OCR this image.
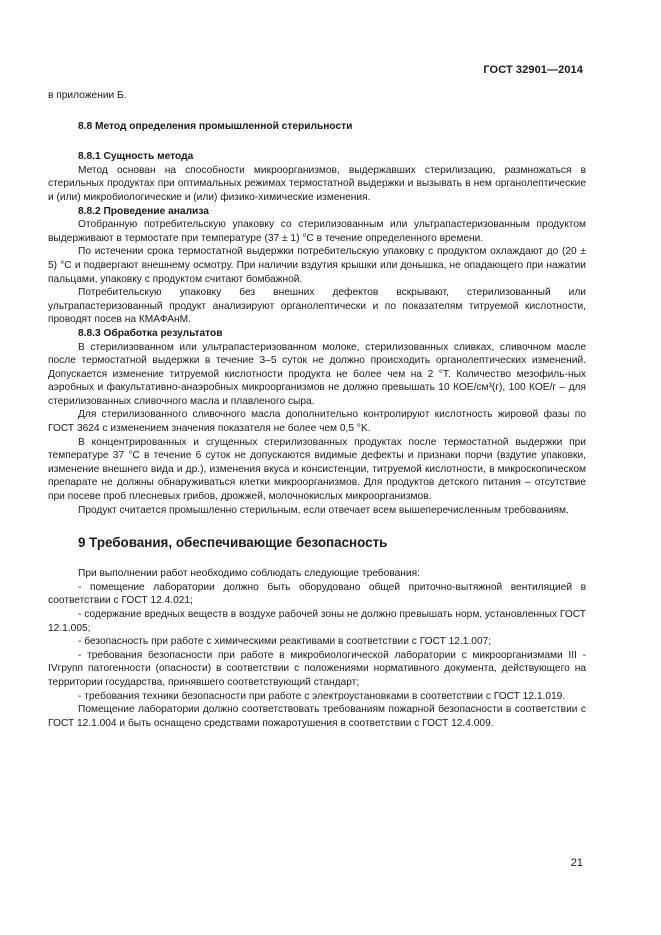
ГОСТ 32901—2014

в приложении Б.

8.8 Метод определения промышленной стерильности

8.8.1 Сущность метода

Метод основан на способности микроорганизмов, выдержавших стерилизацию, размножаться в стерильных продуктах при оптимальных режимах термостатной выдержки и вызывать в нем органолептические и (или) микробиологические и (или) физико-химические изменения.

8.8.2 Проведение анализа

Отобранную потребительскую упаковку со стерилизованным или ультрапастеризованным продуктом выдерживают в термостате при температуре (37 ± 1) °С в течение определенного времени.

По истечении срока термостатной выдержки потребительскую упаковку с продуктом охлаждают до (20 ± 5) °С и подвергают внешнему осмотру. При наличии вздутия крышки или донышка, не опадающего при нажатии пальцами, упаковку с продуктом считают бомбажной.

Потребительскую упаковку без внешних дефектов вскрывают, стерилизованный или ультрапастеризованный продукт анализируют органолептически и по показателям титруемой кислотности, проводят посев на КМАФАнМ.

8.8.3 Обработка результатов

В стерилизованном или ультрапастеризованном молоке, стерилизованных сливках, сливочном масле после термостатной выдержки в течение 3–5 суток не должно происходить органолептических изменений. Допускается изменение титруемой кислотности продукта не более чем на 2 °Т. Количество мезофиль-ных аэробных и факультативно-анаэробных микроорганизмов не должно превышать 10 КОЕ/см³(г), 100 КОЕ/г – для стерилизованных сливочного масла и плавленого сыра.

Для стерилизованного сливочного масла дополнительно контролируют кислотность жировой фазы по ГОСТ 3624 с изменением значения показателя не более чем 0,5 °K.

В концентрированных и сгущенных стерилизованных продуктах после термостатной выдержки при температуре 37 °С в течение 6 суток не допускаются видимые дефекты и признаки порчи (вздутие упаковки, изменение внешнего вида и др.), изменения вкуса и консистенции, титруемой кислотности, в микроскопическом препарате не должны обнаруживаться клетки микроорганизмов. Для продуктов детского питания – отсутствие при посеве проб плесневых грибов, дрожжей, молочнокислых микроорганизмов.

Продукт считается промышленно стерильным, если отвечает всем вышеперечисленным требованиям.

9 Требования, обеспечивающие безопасность

При выполнении работ необходимо соблюдать следующие требования:

- помещение лаборатории должно быть оборудовано общей приточно-вытяжной вентиляцией в соответствии с ГОСТ 12.4.021;

- содержание вредных веществ в воздухе рабочей зоны не должно превышать норм, установленных ГОСТ 12.1.005;

- безопасность при работе с химическими реактивами в соответствии с ГОСТ 12.1.007;

- требования безопасности при работе в микробиологической лаборатории с микроорганизмами III - IVгрупп патогенности (опасности) в соответствии с положениями нормативного документа, действующего на территории государства, принявшего соответствующий стандарт;

- требования техники безопасности при работе с электроустановками в соответствии с ГОСТ 12.1.019.

Помещение лаборатории должно соответствовать требованиям пожарной безопасности в соответствии с ГОСТ 12.1.004 и быть оснащено средствами пожаротушения в соответствии с ГОСТ 12.4.009.

21
